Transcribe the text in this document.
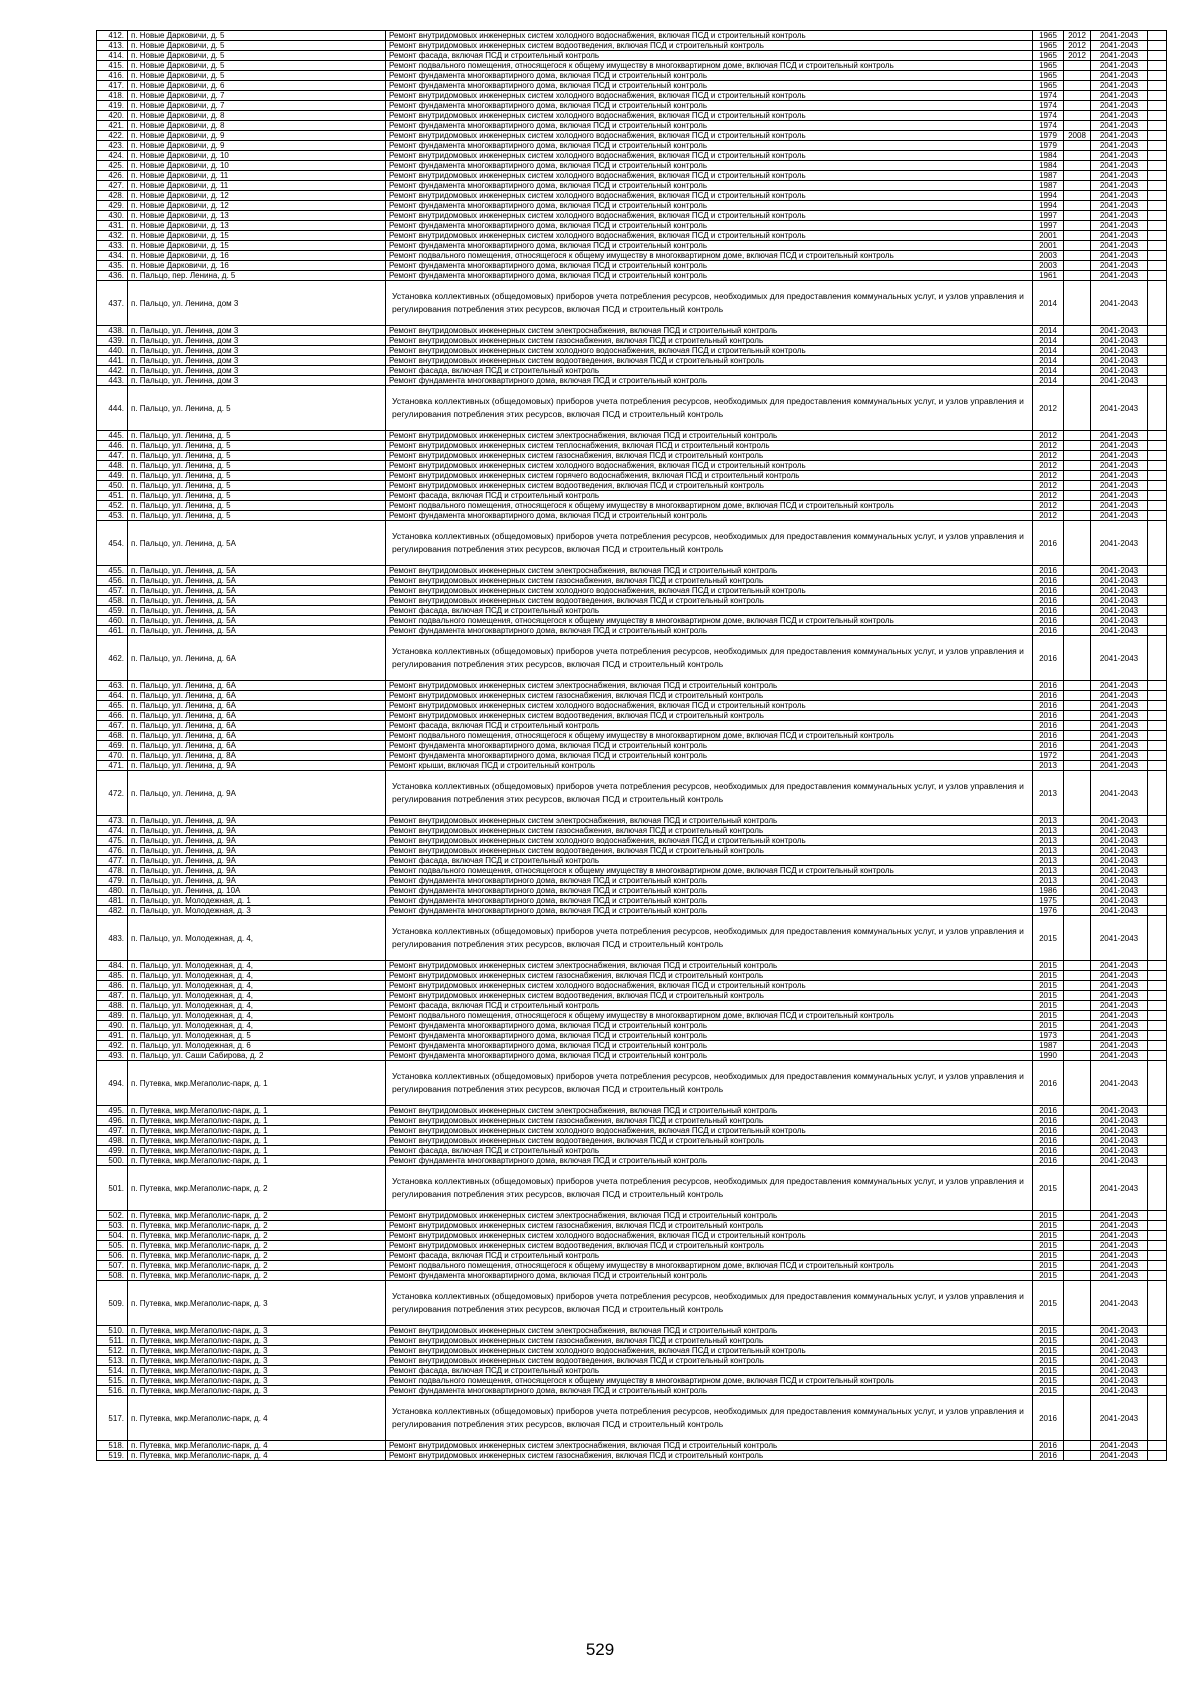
412.	п. Новые Дарковичи, д. 5	Ремонт внутридомовых инженерных систем холодного водоснабжения, включая ПСД и строительный контроль	1965	2012	2041-2043	
413.	п. Новые Дарковичи, д. 5	Ремонт внутридомовых инженерных систем водоотведения, включая ПСД и строительный контроль	1965	2012	2041-2043	
414.	п. Новые Дарковичи, д. 5	Ремонт фасада, включая ПСД и строительный контроль	1965	2012	2041-2043	
415.	п. Новые Дарковичи, д. 5	Ремонт подвального помещения, относящегося к общему имуществу в многоквартирном доме, включая ПСД и строительный контроль	1965		2041-2043	
416.	п. Новые Дарковичи, д. 5	Ремонт фундамента многоквартирного дома, включая ПСД и строительный контроль	1965		2041-2043	
417.	п. Новые Дарковичи, д. 6	Ремонт фундамента многоквартирного дома, включая ПСД и строительный контроль	1965		2041-2043	
418.	п. Новые Дарковичи, д. 7	Ремонт внутридомовых инженерных систем холодного водоснабжения, включая ПСД и строительный контроль	1974		2041-2043	
419.	п. Новые Дарковичи, д. 7	Ремонт фундамента многоквартирного дома, включая ПСД и строительный контроль	1974		2041-2043	
420.	п. Новые Дарковичи, д. 8	Ремонт внутридомовых инженерных систем холодного водоснабжения, включая ПСД и строительный контроль	1974		2041-2043	
421.	п. Новые Дарковичи, д. 8	Ремонт фундамента многоквартирного дома, включая ПСД и строительный контроль	1974		2041-2043	
422.	п. Новые Дарковичи, д. 9	Ремонт внутридомовых инженерных систем холодного водоснабжения, включая ПСД и строительный контроль	1979	2008	2041-2043	
423.	п. Новые Дарковичи, д. 9	Ремонт фундамента многоквартирного дома, включая ПСД и строительный контроль	1979		2041-2043	
424.	п. Новые Дарковичи, д. 10	Ремонт внутридомовых инженерных систем холодного водоснабжения, включая ПСД и строительный контроль	1984		2041-2043	
425.	п. Новые Дарковичи, д. 10	Ремонт фундамента многоквартирного дома, включая ПСД и строительный контроль	1984		2041-2043	
426.	п. Новые Дарковичи, д. 11	Ремонт внутридомовых инженерных систем холодного водоснабжения, включая ПСД и строительный контроль	1987		2041-2043	
427.	п. Новые Дарковичи, д. 11	Ремонт фундамента многоквартирного дома, включая ПСД и строительный контроль	1987		2041-2043	
428.	п. Новые Дарковичи, д. 12	Ремонт внутридомовых инженерных систем холодного водоснабжения, включая ПСД и строительный контроль	1994		2041-2043	
429.	п. Новые Дарковичи, д. 12	Ремонт фундамента многоквартирного дома, включая ПСД и строительный контроль	1994		2041-2043	
430.	п. Новые Дарковичи, д. 13	Ремонт внутридомовых инженерных систем холодного водоснабжения, включая ПСД и строительный контроль	1997		2041-2043	
431.	п. Новые Дарковичи, д. 13	Ремонт фундамента многоквартирного дома, включая ПСД и строительный контроль	1997		2041-2043	
432.	п. Новые Дарковичи, д. 15	Ремонт внутридомовых инженерных систем холодного водоснабжения, включая ПСД и строительный контроль	2001		2041-2043	
433.	п. Новые Дарковичи, д. 15	Ремонт фундамента многоквартирного дома, включая ПСД и строительный контроль	2001		2041-2043	
434.	п. Новые Дарковичи, д. 16	Ремонт подвального помещения, относящегося к общему имуществу в многоквартирном доме, включая ПСД и строительный контроль	2003		2041-2043	
435.	п. Новые Дарковичи, д. 16	Ремонт фундамента многоквартирного дома, включая ПСД и строительный контроль	2003		2041-2043	
436.	п. Пальцо, пер. Ленина, д. 5	Ремонт фундамента многоквартирного дома, включая ПСД и строительный контроль	1961		2041-2043	
437.	п. Пальцо, ул. Ленина, дом 3	Установка коллективных (общедомовых) приборов учета потребления ресурсов, необходимых для предоставления коммунальных услуг, и узлов управления и регулирования потребления этих ресурсов, включая ПСД и строительный контроль	2014		2041-2043	
438.	п. Пальцо, ул. Ленина, дом 3	Ремонт внутридомовых инженерных систем электроснабжения, включая ПСД и строительный контроль	2014		2041-2043	
439.	п. Пальцо, ул. Ленина, дом 3	Ремонт внутридомовых инженерных систем газоснабжения, включая ПСД и строительный контроль	2014		2041-2043	
440.	п. Пальцо, ул. Ленина, дом 3	Ремонт внутридомовых инженерных систем холодного водоснабжения, включая ПСД и строительный контроль	2014		2041-2043	
441.	п. Пальцо, ул. Ленина, дом 3	Ремонт внутридомовых инженерных систем водоотведения, включая ПСД и строительный контроль	2014		2041-2043	
442.	п. Пальцо, ул. Ленина, дом 3	Ремонт фасада, включая ПСД и строительный контроль	2014		2041-2043	
443.	п. Пальцо, ул. Ленина, дом 3	Ремонт фундамента многоквартирного дома, включая ПСД и строительный контроль	2014		2041-2043	
444.	п. Пальцо, ул. Ленина, д. 5	Установка коллективных (общедомовых) приборов учета потребления ресурсов, необходимых для предоставления коммунальных услуг, и узлов управления и регулирования потребления этих ресурсов, включая ПСД и строительный контроль	2012		2041-2043	
445.	п. Пальцо, ул. Ленина, д. 5	Ремонт внутридомовых инженерных систем электроснабжения, включая ПСД и строительный контроль	2012		2041-2043	
446.	п. Пальцо, ул. Ленина, д. 5	Ремонт внутридомовых инженерных систем теплоснабжения, включая ПСД и строительный контроль	2012		2041-2043	
447.	п. Пальцо, ул. Ленина, д. 5	Ремонт внутридомовых инженерных систем газоснабжения, включая ПСД и строительный контроль	2012		2041-2043	
448.	п. Пальцо, ул. Ленина, д. 5	Ремонт внутридомовых инженерных систем холодного водоснабжения, включая ПСД и строительный контроль	2012		2041-2043	
449.	п. Пальцо, ул. Ленина, д. 5	Ремонт внутридомовых инженерных систем горячего водоснабжения, включая ПСД и строительный контроль	2012		2041-2043	
450.	п. Пальцо, ул. Ленина, д. 5	Ремонт внутридомовых инженерных систем водоотведения, включая ПСД и строительный контроль	2012		2041-2043	
451.	п. Пальцо, ул. Ленина, д. 5	Ремонт фасада, включая ПСД и строительный контроль	2012		2041-2043	
452.	п. Пальцо, ул. Ленина, д. 5	Ремонт подвального помещения, относящегося к общему имуществу в многоквартирном доме, включая ПСД и строительный контроль	2012		2041-2043	
453.	п. Пальцо, ул. Ленина, д. 5	Ремонт фундамента многоквартирного дома, включая ПСД и строительный контроль	2012		2041-2043	
454.	п. Пальцо, ул. Ленина, д. 5А	Установка коллективных (общедомовых) приборов учета потребления ресурсов, необходимых для предоставления коммунальных услуг, и узлов управления и регулирования потребления этих ресурсов, включая ПСД и строительный контроль	2016		2041-2043	
455.	п. Пальцо, ул. Ленина, д. 5А	Ремонт внутридомовых инженерных систем электроснабжения, включая ПСД и строительный контроль	2016		2041-2043	
456.	п. Пальцо, ул. Ленина, д. 5А	Ремонт внутридомовых инженерных систем газоснабжения, включая ПСД и строительный контроль	2016		2041-2043	
457.	п. Пальцо, ул. Ленина, д. 5А	Ремонт внутридомовых инженерных систем холодного водоснабжения, включая ПСД и строительный контроль	2016		2041-2043	
458.	п. Пальцо, ул. Ленина, д. 5А	Ремонт внутридомовых инженерных систем водоотведения, включая ПСД и строительный контроль	2016		2041-2043	
459.	п. Пальцо, ул. Ленина, д. 5А	Ремонт фасада, включая ПСД и строительный контроль	2016		2041-2043	
460.	п. Пальцо, ул. Ленина, д. 5А	Ремонт подвального помещения, относящегося к общему имуществу в многоквартирном доме, включая ПСД и строительный контроль	2016		2041-2043	
461.	п. Пальцо, ул. Ленина, д. 5А	Ремонт фундамента многоквартирного дома, включая ПСД и строительный контроль	2016		2041-2043	
462.	п. Пальцо, ул. Ленина, д. 6А	Установка коллективных (общедомовых) приборов учета потребления ресурсов, необходимых для предоставления коммунальных услуг, и узлов управления и регулирования потребления этих ресурсов, включая ПСД и строительный контроль	2016		2041-2043	
463.	п. Пальцо, ул. Ленина, д. 6А	Ремонт внутридомовых инженерных систем электроснабжения, включая ПСД и строительный контроль	2016		2041-2043	
464.	п. Пальцо, ул. Ленина, д. 6А	Ремонт внутридомовых инженерных систем газоснабжения, включая ПСД и строительный контроль	2016		2041-2043	
465.	п. Пальцо, ул. Ленина, д. 6А	Ремонт внутридомовых инженерных систем холодного водоснабжения, включая ПСД и строительный контроль	2016		2041-2043	
466.	п. Пальцо, ул. Ленина, д. 6А	Ремонт внутридомовых инженерных систем водоотведения, включая ПСД и строительный контроль	2016		2041-2043	
467.	п. Пальцо, ул. Ленина, д. 6А	Ремонт фасада, включая ПСД и строительный контроль	2016		2041-2043	
468.	п. Пальцо, ул. Ленина, д. 6А	Ремонт подвального помещения, относящегося к общему имуществу в многоквартирном доме, включая ПСД и строительный контроль	2016		2041-2043	
469.	п. Пальцо, ул. Ленина, д. 6А	Ремонт фундамента многоквартирного дома, включая ПСД и строительный контроль	2016		2041-2043	
470.	п. Пальцо, ул. Ленина, д. 8А	Ремонт фундамента многоквартирного дома, включая ПСД и строительный контроль	1972		2041-2043	
471.	п. Пальцо, ул. Ленина, д. 9А	Ремонт крыши, включая ПСД и строительный контроль	2013		2041-2043	
472.	п. Пальцо, ул. Ленина, д. 9А	Установка коллективных (общедомовых) приборов учета потребления ресурсов, необходимых для предоставления коммунальных услуг, и узлов управления и регулирования потребления этих ресурсов, включая ПСД и строительный контроль	2013		2041-2043	
473.	п. Пальцо, ул. Ленина, д. 9А	Ремонт внутридомовых инженерных систем электроснабжения, включая ПСД и строительный контроль	2013		2041-2043	
474.	п. Пальцо, ул. Ленина, д. 9А	Ремонт внутридомовых инженерных систем газоснабжения, включая ПСД и строительный контроль	2013		2041-2043	
475.	п. Пальцо, ул. Ленина, д. 9А	Ремонт внутридомовых инженерных систем холодного водоснабжения, включая ПСД и строительный контроль	2013		2041-2043	
476.	п. Пальцо, ул. Ленина, д. 9А	Ремонт внутридомовых инженерных систем водоотведения, включая ПСД и строительный контроль	2013		2041-2043	
477.	п. Пальцо, ул. Ленина, д. 9А	Ремонт фасада, включая ПСД и строительный контроль	2013		2041-2043	
478.	п. Пальцо, ул. Ленина, д. 9А	Ремонт подвального помещения, относящегося к общему имуществу в многоквартирном доме, включая ПСД и строительный контроль	2013		2041-2043	
479.	п. Пальцо, ул. Ленина, д. 9А	Ремонт фундамента многоквартирного дома, включая ПСД и строительный контроль	2013		2041-2043	
480.	п. Пальцо, ул. Ленина, д. 10А	Ремонт фундамента многоквартирного дома, включая ПСД и строительный контроль	1986		2041-2043	
481.	п. Пальцо, ул. Молодежная, д. 1	Ремонт фундамента многоквартирного дома, включая ПСД и строительный контроль	1975		2041-2043	
482.	п. Пальцо, ул. Молодежная, д. 3	Ремонт фундамента многоквартирного дома, включая ПСД и строительный контроль	1976		2041-2043	
483.	п. Пальцо, ул. Молодежная, д. 4,	Установка коллективных (общедомовых) приборов учета потребления ресурсов, необходимых для предоставления коммунальных услуг, и узлов управления и регулирования потребления этих ресурсов, включая ПСД и строительный контроль	2015		2041-2043	
484.	п. Пальцо, ул. Молодежная, д. 4,	Ремонт внутридомовых инженерных систем электроснабжения, включая ПСД и строительный контроль	2015		2041-2043	
485.	п. Пальцо, ул. Молодежная, д. 4,	Ремонт внутридомовых инженерных систем газоснабжения, включая ПСД и строительный контроль	2015		2041-2043	
486.	п. Пальцо, ул. Молодежная, д. 4,	Ремонт внутридомовых инженерных систем холодного водоснабжения, включая ПСД и строительный контроль	2015		2041-2043	
487.	п. Пальцо, ул. Молодежная, д. 4,	Ремонт внутридомовых инженерных систем водоотведения, включая ПСД и строительный контроль	2015		2041-2043	
488.	п. Пальцо, ул. Молодежная, д. 4,	Ремонт фасада, включая ПСД и строительный контроль	2015		2041-2043	
489.	п. Пальцо, ул. Молодежная, д. 4,	Ремонт подвального помещения, относящегося к общему имуществу в многоквартирном доме, включая ПСД и строительный контроль	2015		2041-2043	
490.	п. Пальцо, ул. Молодежная, д. 4,	Ремонт фундамента многоквартирного дома, включая ПСД и строительный контроль	2015		2041-2043	
491.	п. Пальцо, ул. Молодежная, д. 5	Ремонт фундамента многоквартирного дома, включая ПСД и строительный контроль	1973		2041-2043	
492.	п. Пальцо, ул. Молодежная, д. 6	Ремонт фундамента многоквартирного дома, включая ПСД и строительный контроль	1987		2041-2043	
493.	п. Пальцо, ул. Саши Сабирова, д. 2	Ремонт фундамента многоквартирного дома, включая ПСД и строительный контроль	1990		2041-2043	
494.	п. Путевка, мкр.Мегаполис-парк, д. 1	Установка коллективных (общедомовых) приборов учета потребления ресурсов, необходимых для предоставления коммунальных услуг, и узлов управления и регулирования потребления этих ресурсов, включая ПСД и строительный контроль	2016		2041-2043	
495.	п. Путевка, мкр.Мегаполис-парк, д. 1	Ремонт внутридомовых инженерных систем электроснабжения, включая ПСД и строительный контроль	2016		2041-2043	
496.	п. Путевка, мкр.Мегаполис-парк, д. 1	Ремонт внутридомовых инженерных систем газоснабжения, включая ПСД и строительный контроль	2016		2041-2043	
497.	п. Путевка, мкр.Мегаполис-парк, д. 1	Ремонт внутридомовых инженерных систем холодного водоснабжения, включая ПСД и строительный контроль	2016		2041-2043	
498.	п. Путевка, мкр.Мегаполис-парк, д. 1	Ремонт внутридомовых инженерных систем водоотведения, включая ПСД и строительный контроль	2016		2041-2043	
499.	п. Путевка, мкр.Мегаполис-парк, д. 1	Ремонт фасада, включая ПСД и строительный контроль	2016		2041-2043	
500.	п. Путевка, мкр.Мегаполис-парк, д. 1	Ремонт фундамента многоквартирного дома, включая ПСД и строительный контроль	2016		2041-2043	
501.	п. Путевка, мкр.Мегаполис-парк, д. 2	Установка коллективных (общедомовых) приборов учета потребления ресурсов, необходимых для предоставления коммунальных услуг, и узлов управления и регулирования потребления этих ресурсов, включая ПСД и строительный контроль	2015		2041-2043	
502.	п. Путевка, мкр.Мегаполис-парк, д. 2	Ремонт внутридомовых инженерных систем электроснабжения, включая ПСД и строительный контроль	2015		2041-2043	
503.	п. Путевка, мкр.Мегаполис-парк, д. 2	Ремонт внутридомовых инженерных систем газоснабжения, включая ПСД и строительный контроль	2015		2041-2043	
504.	п. Путевка, мкр.Мегаполис-парк, д. 2	Ремонт внутридомовых инженерных систем холодного водоснабжения, включая ПСД и строительный контроль	2015		2041-2043	
505.	п. Путевка, мкр.Мегаполис-парк, д. 2	Ремонт внутридомовых инженерных систем водоотведения, включая ПСД и строительный контроль	2015		2041-2043	
506.	п. Путевка, мкр.Мегаполис-парк, д. 2	Ремонт фасада, включая ПСД и строительный контроль	2015		2041-2043	
507.	п. Путевка, мкр.Мегаполис-парк, д. 2	Ремонт подвального помещения, относящегося к общему имуществу в многоквартирном доме, включая ПСД и строительный контроль	2015		2041-2043	
508.	п. Путевка, мкр.Мегаполис-парк, д. 2	Ремонт фундамента многоквартирного дома, включая ПСД и строительный контроль	2015		2041-2043	
509.	п. Путевка, мкр.Мегаполис-парк, д. 3	Установка коллективных (общедомовых) приборов учета потребления ресурсов, необходимых для предоставления коммунальных услуг, и узлов управления и регулирования потребления этих ресурсов, включая ПСД и строительный контроль	2015		2041-2043	
510.	п. Путевка, мкр.Мегаполис-парк, д. 3	Ремонт внутридомовых инженерных систем электроснабжения, включая ПСД и строительный контроль	2015		2041-2043	
511.	п. Путевка, мкр.Мегаполис-парк, д. 3	Ремонт внутридомовых инженерных систем газоснабжения, включая ПСД и строительный контроль	2015		2041-2043	
512.	п. Путевка, мкр.Мегаполис-парк, д. 3	Ремонт внутридомовых инженерных систем холодного водоснабжения, включая ПСД и строительный контроль	2015		2041-2043	
513.	п. Путевка, мкр.Мегаполис-парк, д. 3	Ремонт внутридомовых инженерных систем водоотведения, включая ПСД и строительный контроль	2015		2041-2043	
514.	п. Путевка, мкр.Мегаполис-парк, д. 3	Ремонт фасада, включая ПСД и строительный контроль	2015		2041-2043	
515.	п. Путевка, мкр.Мегаполис-парк, д. 3	Ремонт подвального помещения, относящегося к общему имуществу в многоквартирном доме, включая ПСД и строительный контроль	2015		2041-2043	
516.	п. Путевка, мкр.Мегаполис-парк, д. 3	Ремонт фундамента многоквартирного дома, включая ПСД и строительный контроль	2015		2041-2043	
517.	п. Путевка, мкр.Мегаполис-парк, д. 4	Установка коллективных (общедомовых) приборов учета потребления ресурсов, необходимых для предоставления коммунальных услуг, и узлов управления и регулирования потребления этих ресурсов, включая ПСД и строительный контроль	2016		2041-2043	
518.	п. Путевка, мкр.Мегаполис-парк, д. 4	Ремонт внутридомовых инженерных систем электроснабжения, включая ПСД и строительный контроль	2016		2041-2043	
519.	п. Путевка, мкр.Мегаполис-парк, д. 4	Ремонт внутридомовых инженерных систем газоснабжения, включая ПСД и строительный контроль	2016		2041-2043	
529
